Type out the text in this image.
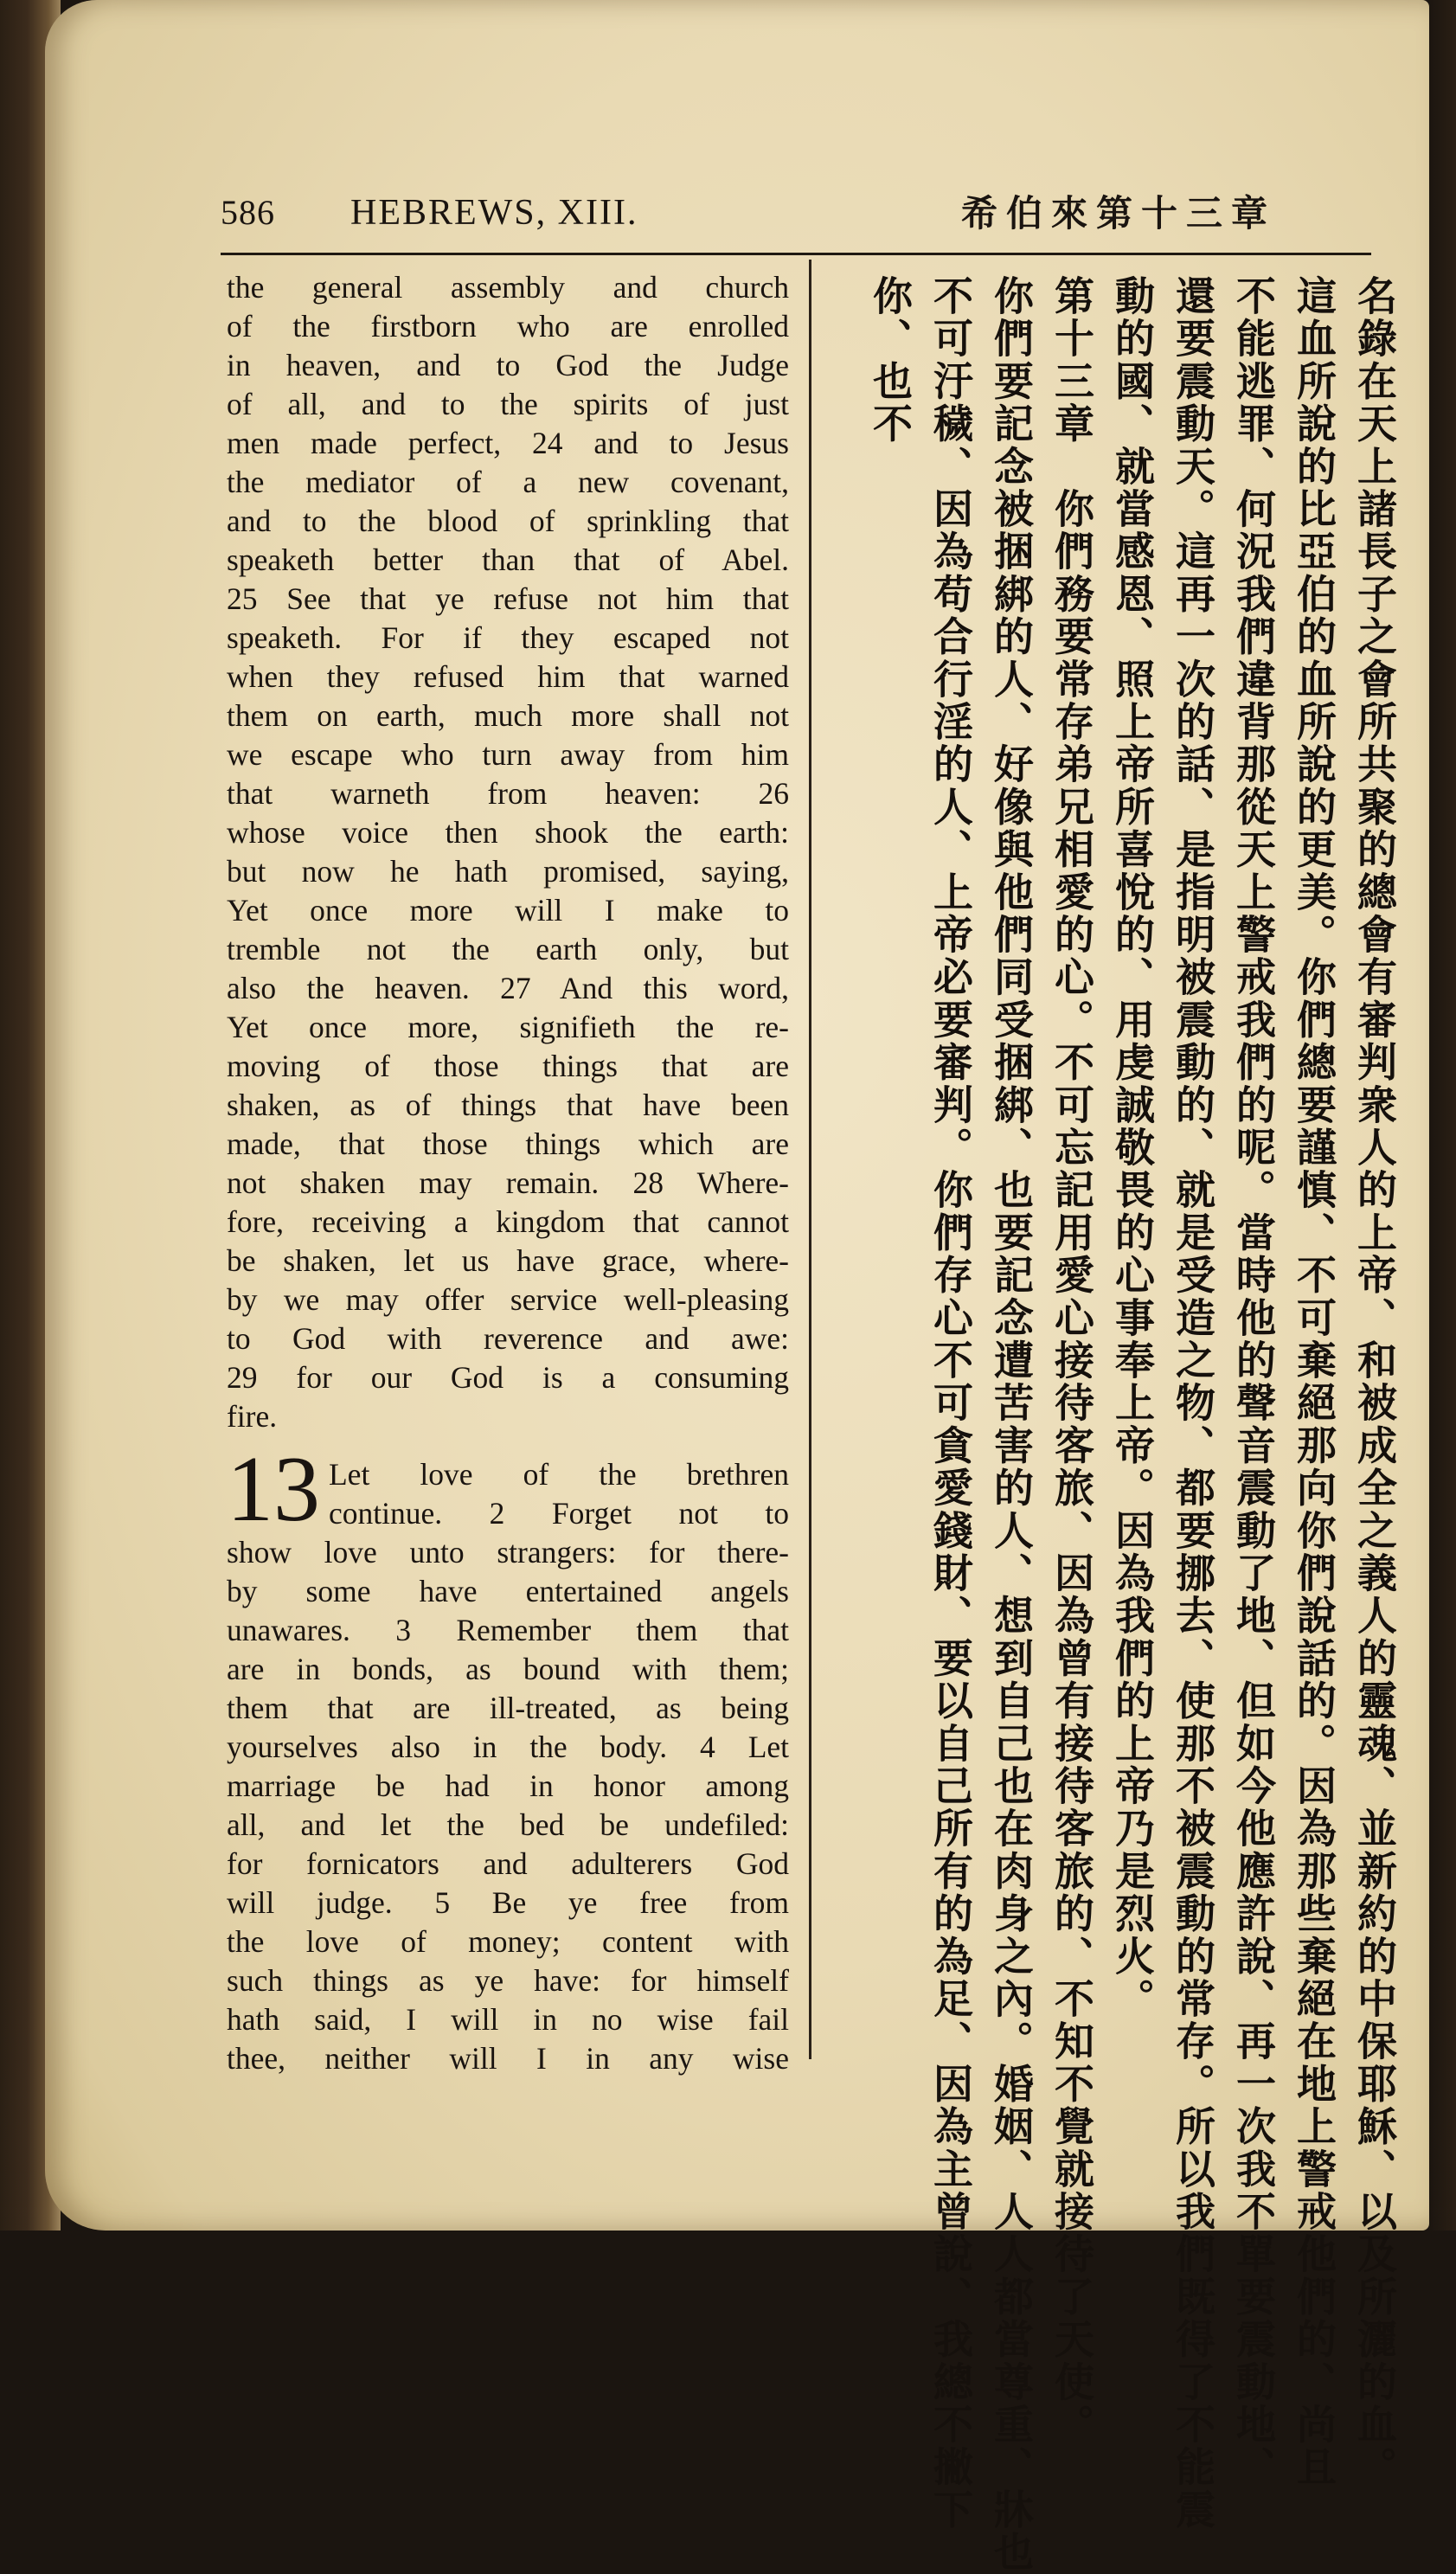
586 HEBREWS, XIII.	希伯來第十三章
the general assembly and church
of the firstborn who are enrolled
in heaven, and to God the Judge
of all, and to the spirits of just
men made perfect, 24 and to Jesus
the mediator of a new covenant,
and to the blood of sprinkling that
speaketh better than that of Abel.
25 See that ye refuse not him that
speaketh. For if they escaped not
when they refused him that warned
them on earth, much more shall not
we escape who turn away from him
that warneth from heaven: 26
whose voice then shook the earth:
but now he hath promised, saying,
Yet once more will I make to
tremble not the earth only, but
also the heaven. 27 And this word,
Yet once more, signifieth the re-
moving of those things that are
shaken, as of things that have been
made, that those things which are
not shaken may remain. 28 Where-
fore, receiving a kingdom that cannot
be shaken, let us have grace, where-
by we may offer service well-pleasing
to God with reverence and awe:
29 for our God is a consuming
fire.
Let love of the brethren
continue. 2 Forget not to
show love unto strangers: for there-
by some have entertained angels
unawares. 3 Remember them that
are in bonds, as bound with them;
them that are ill-treated, as being
yourselves also in the body. 4 Let
marriage be had in honor among
all, and let the bed be undefiled:
for fornicators and adulterers God
will judge. 5 Be ye free from
the love of money; content with
such things as ye have: for himself
hath said, I will in no wise fail
thee, neither will I in any wise
13	名錄在天上諸長子之會所共聚的總會有審判衆人的上帝、和被成全之義人的靈魂、並新約的中保耶穌、以及所灑的血。
這血所說的比亞伯的血所說的更美。你們總要謹慎、不可棄絕那向你們說話的。因為那些棄絕在地上警戒他們的、尚且
不能逃罪、何況我們違背那從天上警戒我們的呢。當時他的聲音震動了地、但如今他應許說、再一次我不單要震動地、
還要震動天。這再一次的話、是指明被震動的、就是受造之物、都要挪去、使那不被震動的常存。所以我們既得了不能震
動的國、就當感恩、照上帝所喜悅的、用虔誠敬畏的心事奉上帝。因為我們的上帝乃是烈火。
第十三章　你們務要常存弟兄相愛的心。不可忘記用愛心接待客旅、因為曾有接待客旅的、不知不覺就接待了天使。
你們要記念被捆綁的人、好像與他們同受捆綁、也要記念遭苦害的人、想到自己也在肉身之內。婚姻、人人都當尊重、牀也
不可汙穢、因為苟合行淫的人、上帝必要審判。你們存心不可貪愛錢財、要以自己所有的為足、因為主曾說、我總不撇下
你、也不
